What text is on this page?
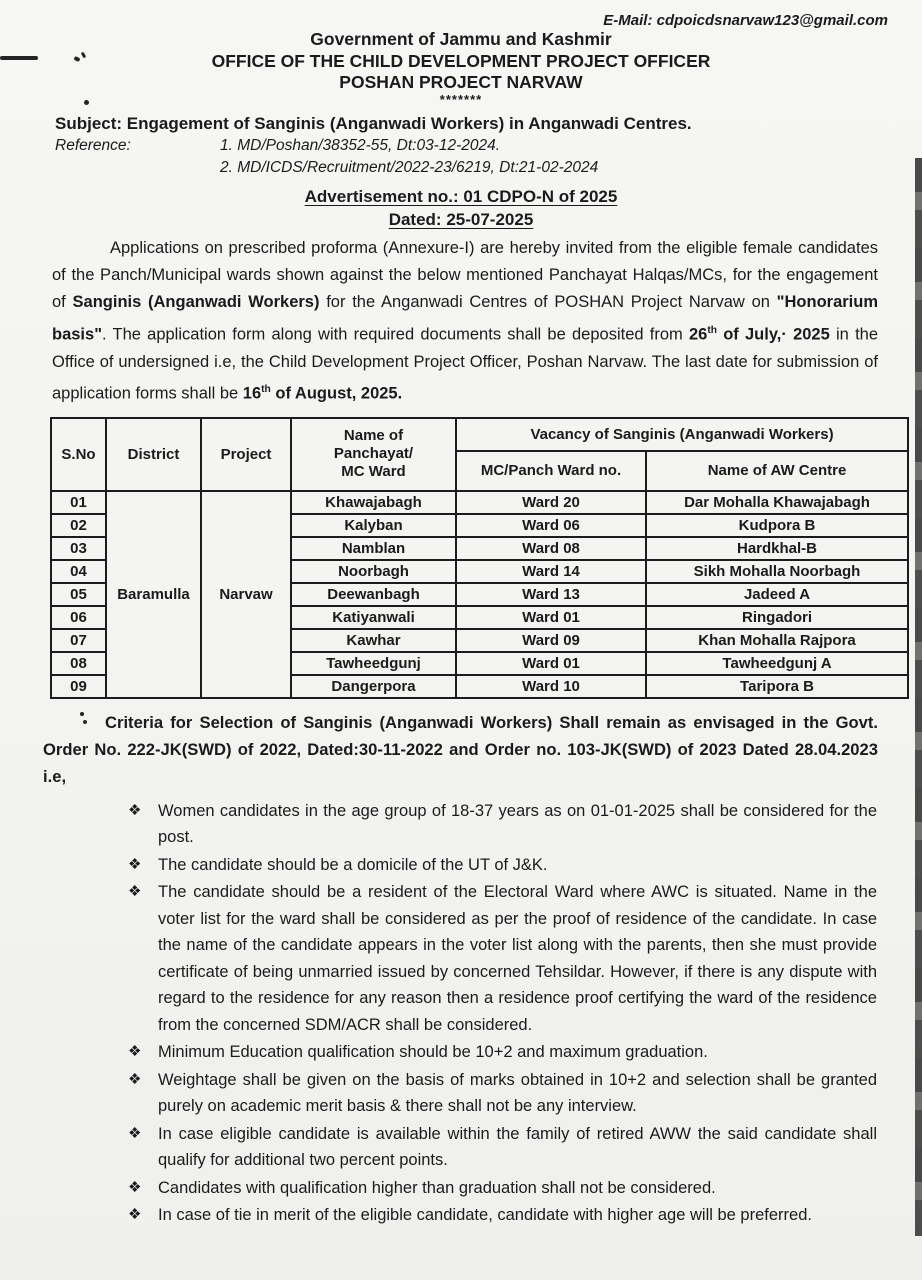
E-Mail: cdpoicdsnarvaw123@gmail.com
Government of Jammu and Kashmir
OFFICE OF THE CHILD DEVELOPMENT PROJECT OFFICER
POSHAN PROJECT NARVAW
*******
Subject: Engagement of Sanginis (Anganwadi Workers) in Anganwadi Centres.
Reference:	1. MD/Poshan/38352-55, Dt:03-12-2024.
2. MD/ICDS/Recruitment/2022-23/6219, Dt:21-02-2024
Advertisement no.: 01 CDPO-N of 2025
Dated: 25-07-2025

Applications on prescribed proforma (Annexure-I) are hereby invited from the eligible female candidates of the Panch/Municipal wards shown against the below mentioned Panchayat Halqas/MCs, for the engagement of Sanginis (Anganwadi Workers) for the Anganwadi Centres of POSHAN Project Narvaw on "Honorarium basis". The application form along with required documents shall be deposited from 26th of July,· 2025 in the Office of undersigned i.e, the Child Development Project Officer, Poshan Narvaw. The last date for submission of application forms shall be 16th of August, 2025.

S.No	District	Project	Name of Panchayat/ MC Ward	Vacancy of Sanginis (Anganwadi Workers)	
				MC/Panch Ward no.	Name of AW Centre
01	Baramulla	Narvaw	Khawajabagh	Ward 20	Dar Mohalla Khawajabagh
02			Kalyban	Ward 06	Kudpora B
03			Namblan	Ward 08	Hardkhal-B
04			Noorbagh	Ward 14	Sikh Mohalla Noorbagh
05			Deewanbagh	Ward 13	Jadeed A
06			Katiyanwali	Ward 01	Ringadori
07			Kawhar	Ward 09	Khan Mohalla Rajpora
08			Tawheedgunj	Ward 01	Tawheedgunj A
09			Dangerpora	Ward 10	Taripora B

Criteria for Selection of Sanginis (Anganwadi Workers) Shall remain as envisaged in the Govt. Order No. 222-JK(SWD) of 2022, Dated:30-11-2022 and Order no. 103-JK(SWD) of 2023 Dated 28.04.2023 i.e,

❖	Women candidates in the age group of 18-37 years as on 01-01-2025 shall be considered for the post.
❖	The candidate should be a domicile of the UT of J&K.
❖	The candidate should be a resident of the Electoral Ward where AWC is situated. Name in the voter list for the ward shall be considered as per the proof of residence of the candidate. In case the name of the candidate appears in the voter list along with the parents, then she must provide certificate of being unmarried issued by concerned Tehsildar. However, if there is any dispute with regard to the residence for any reason then a residence proof certifying the ward of the residence from the concerned SDM/ACR shall be considered.
❖	Minimum Education qualification should be 10+2 and maximum graduation.
❖	Weightage shall be given on the basis of marks obtained in 10+2 and selection shall be granted purely on academic merit basis & there shall not be any interview.
❖	In case eligible candidate is available within the family of retired AWW the said candidate shall qualify for additional two percent points.
❖	Candidates with qualification higher than graduation shall not be considered.
❖	In case of tie in merit of the eligible candidate, candidate with higher age will be preferred.
